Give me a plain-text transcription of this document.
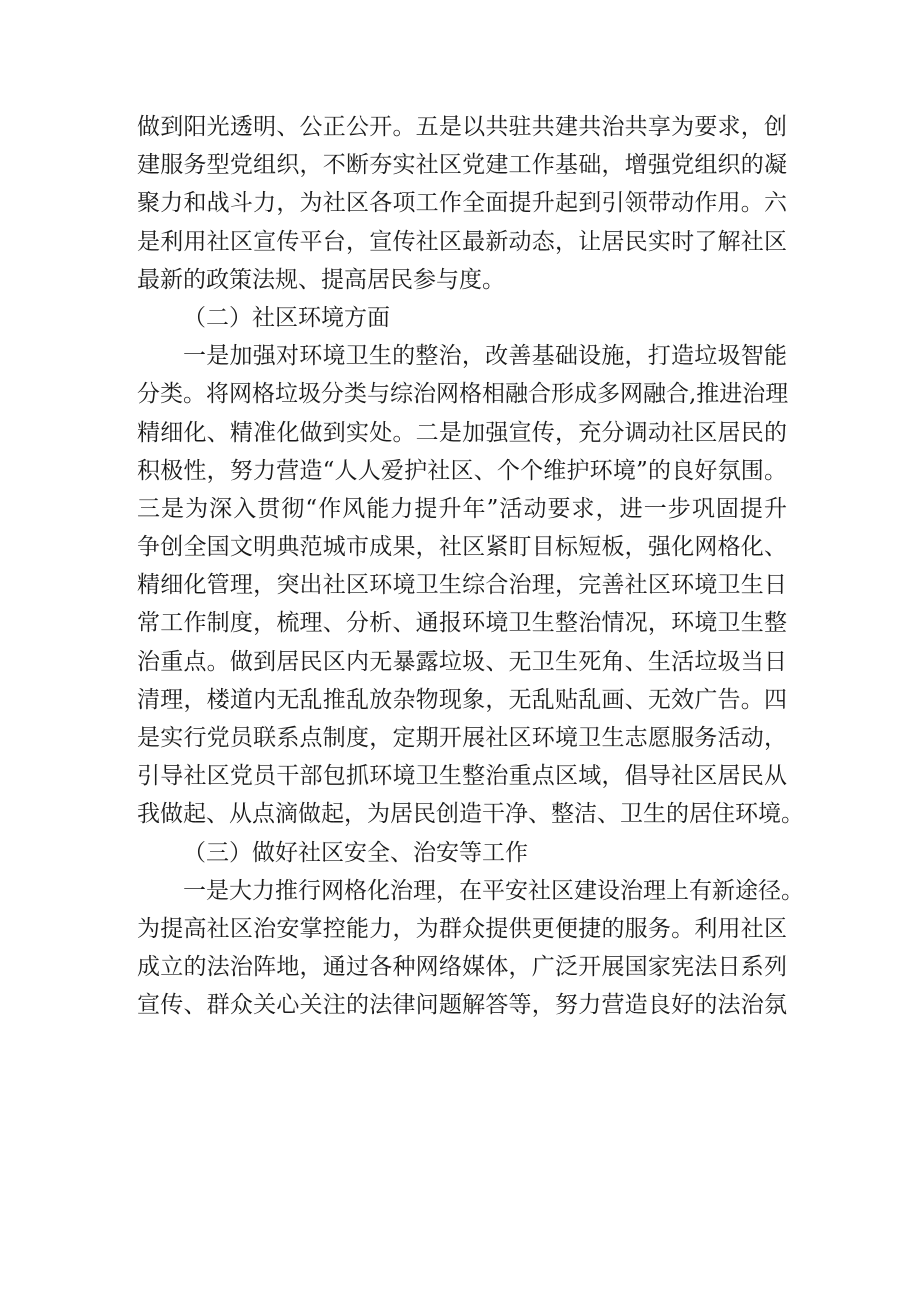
做到阳光透明、公正公开。五是以共驻共建共治共享为要求，创
建服务型党组织，不断夯实社区党建工作基础，增强党组织的凝
聚力和战斗力，为社区各项工作全面提升起到引领带动作用。六
是利用社区宣传平台，宣传社区最新动态，让居民实时了解社区
最新的政策法规、提高居民参与度。
（二）社区环境方面
一是加强对环境卫生的整治，改善基础设施，打造垃圾智能
分类。将网格垃圾分类与综治网格相融合形成多网融合,推进治理
精细化、精准化做到实处。二是加强宣传，充分调动社区居民的
积极性，努力营造“人人爱护社区、个个维护环境”的良好氛围。
三是为深入贯彻“作风能力提升年”活动要求，进一步巩固提升
争创全国文明典范城市成果，社区紧盯目标短板，强化网格化、
精细化管理，突出社区环境卫生综合治理，完善社区环境卫生日
常工作制度，梳理、分析、通报环境卫生整治情况，环境卫生整
治重点。做到居民区内无暴露垃圾、无卫生死角、生活垃圾当日
清理，楼道内无乱推乱放杂物现象，无乱贴乱画、无效广告。四
是实行党员联系点制度，定期开展社区环境卫生志愿服务活动，
引导社区党员干部包抓环境卫生整治重点区域，倡导社区居民从
我做起、从点滴做起，为居民创造干净、整洁、卫生的居住环境。
（三）做好社区安全、治安等工作
一是大力推行网格化治理，在平安社区建设治理上有新途径。
为提高社区治安掌控能力，为群众提供更便捷的服务。利用社区
成立的法治阵地，通过各种网络媒体，广泛开展国家宪法日系列
宣传、群众关心关注的法律问题解答等，努力营造良好的法治氛
